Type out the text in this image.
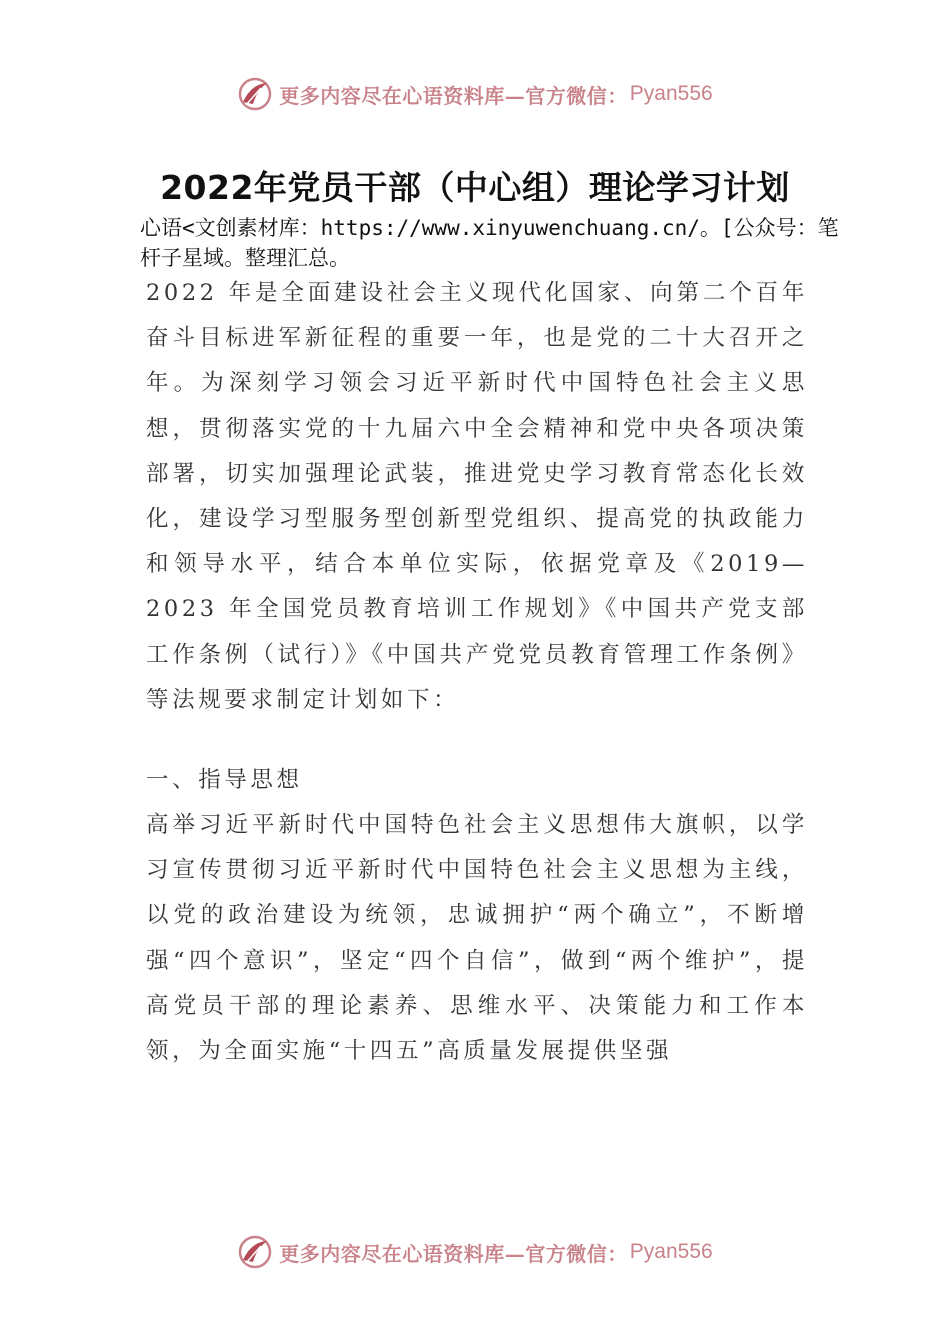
更多内容尽在心语资料库—官方微信： Pyan556
2022年党员干部（中心组）理论学习计划
心语<文创素材库：https://www.xinyuwenchuang.cn/。[公众号：笔杆子星域。整理汇总。

2022 年是全面建设社会主义现代化国家、向第二个百年奋斗目标进军新征程的重要一年，也是党的二十大召开之年。为深刻学习领会习近平新时代中国特色社会主义思想，贯彻落实党的十九届六中全会精神和党中央各项决策部署，切实加强理论武装，推进党史学习教育常态化长效化，建设学习型服务型创新型党组织、提高党的执政能力和领导水平，结合本单位实际，依据党章及《2019—2023 年全国党员教育培训工作规划》《中国共产党支部工作条例（试行）》《中国共产党党员教育管理工作条例》等法规要求制定计划如下：

一、指导思想

高举习近平新时代中国特色社会主义思想伟大旗帜，以学习宣传贯彻习近平新时代中国特色社会主义思想为主线，以党的政治建设为统领，忠诚拥护“两个确立”，不断增强“四个意识”，坚定“四个自信”，做到“两个维护”，提高党员干部的理论素养、思维水平、决策能力和工作本领，为全面实施“十四五”高质量发展提供坚强

更多内容尽在心语资料库—官方微信： Pyan556
